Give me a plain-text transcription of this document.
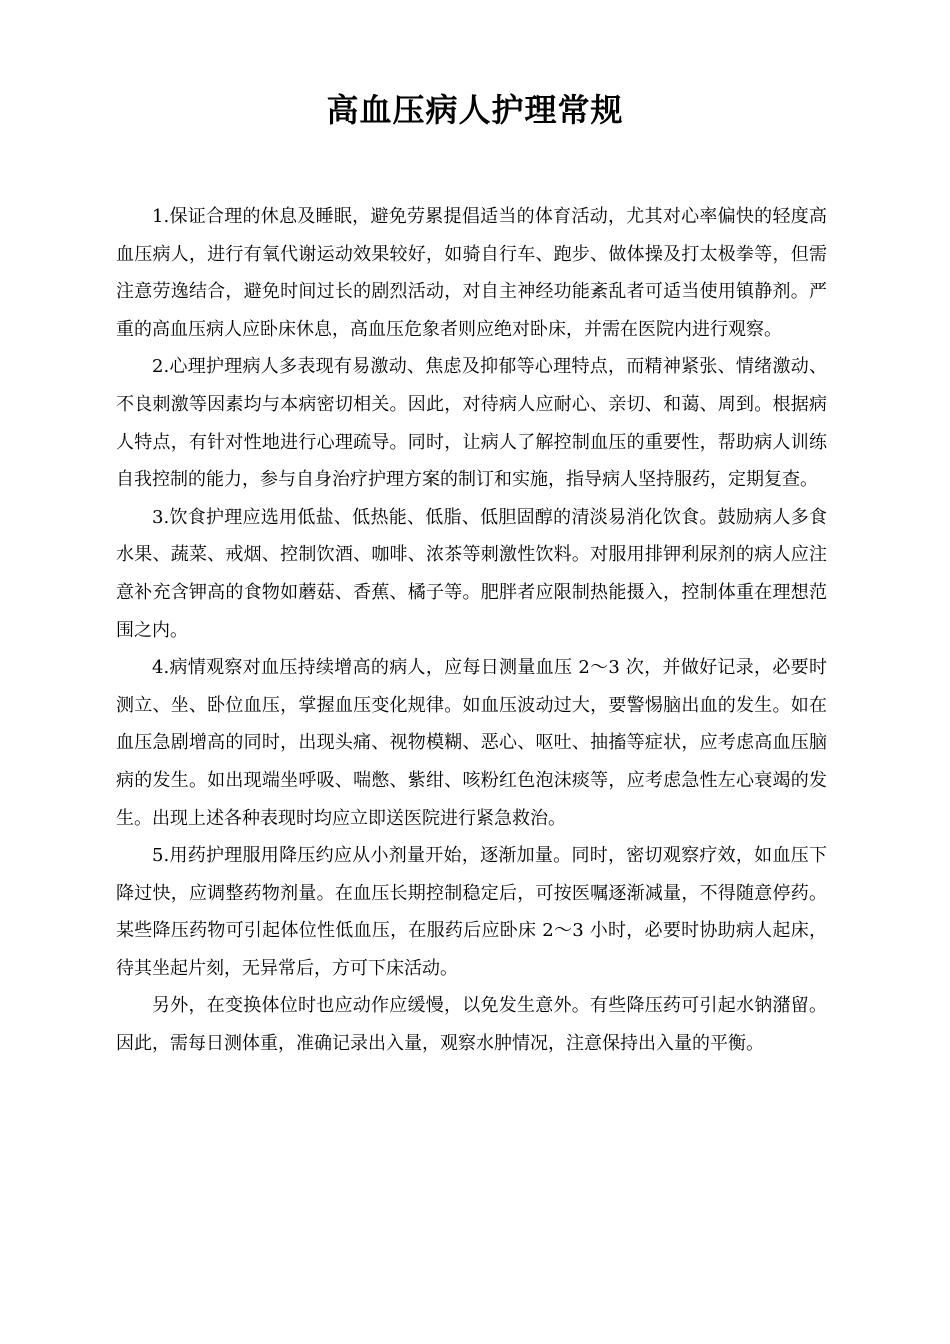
高血压病人护理常规

1.保证合理的休息及睡眠，避免劳累提倡适当的体育活动，尤其对心率偏快的轻度高血压病人，进行有氧代谢运动效果较好，如骑自行车、跑步、做体操及打太极拳等，但需注意劳逸结合，避免时间过长的剧烈活动，对自主神经功能紊乱者可适当使用镇静剂。严重的高血压病人应卧床休息，高血压危象者则应绝对卧床，并需在医院内进行观察。

2.心理护理病人多表现有易激动、焦虑及抑郁等心理特点，而精神紧张、情绪激动、不良刺激等因素均与本病密切相关。因此，对待病人应耐心、亲切、和蔼、周到。根据病人特点，有针对性地进行心理疏导。同时，让病人了解控制血压的重要性，帮助病人训练自我控制的能力，参与自身治疗护理方案的制订和实施，指导病人坚持服药，定期复查。

3.饮食护理应选用低盐、低热能、低脂、低胆固醇的清淡易消化饮食。鼓励病人多食水果、蔬菜、戒烟、控制饮酒、咖啡、浓茶等刺激性饮料。对服用排钾利尿剂的病人应注意补充含钾高的食物如蘑菇、香蕉、橘子等。肥胖者应限制热能摄入，控制体重在理想范围之内。

4.病情观察对血压持续增高的病人，应每日测量血压 2～3 次，并做好记录，必要时测立、坐、卧位血压，掌握血压变化规律。如血压波动过大，要警惕脑出血的发生。如在血压急剧增高的同时，出现头痛、视物模糊、恶心、呕吐、抽搐等症状，应考虑高血压脑病的发生。如出现端坐呼吸、喘憋、紫绀、咳粉红色泡沫痰等，应考虑急性左心衰竭的发生。出现上述各种表现时均应立即送医院进行紧急救治。

5.用药护理服用降压约应从小剂量开始，逐渐加量。同时，密切观察疗效，如血压下降过快，应调整药物剂量。在血压长期控制稳定后，可按医嘱逐渐减量，不得随意停药。某些降压药物可引起体位性低血压，在服药后应卧床 2～3 小时，必要时协助病人起床，待其坐起片刻，无异常后，方可下床活动。

另外，在变换体位时也应动作应缓慢，以免发生意外。有些降压药可引起水钠潴留。因此，需每日测体重，准确记录出入量，观察水肿情况，注意保持出入量的平衡。
